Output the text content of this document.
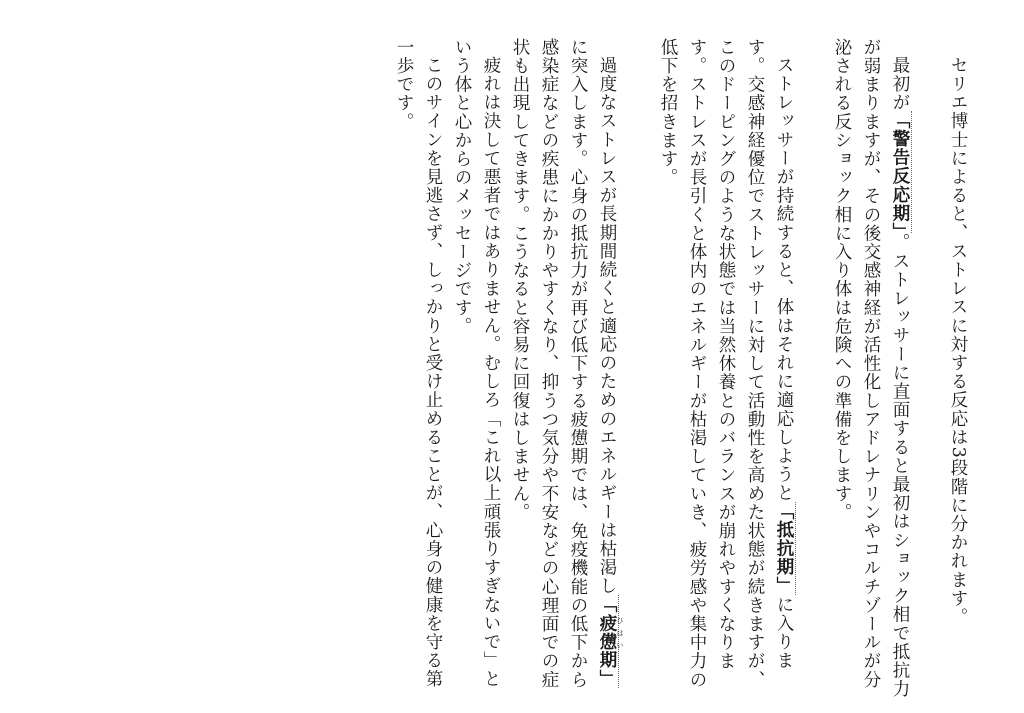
セリエ博士によると、ストレスに対する反応は3段階に分かれます。

最初が「警告反応期」。ストレッサーに直面すると最初はショック相で抵抗力が弱まりますが、その後交感神経が活性化しアドレナリンやコルチゾールが分泌される反ショック相に入り体は危険への準備をします。

ストレッサーが持続すると、体はそれに適応しようと「抵抗期」に入ります。交感神経優位でストレッサーに対して活動性を高めた状態が続きますが、このドーピングのような状態では当然休養とのバランスが崩れやすくなります。ストレスが長引くと体内のエネルギーが枯渇していき、疲労感や集中力の低下を招きます。

過度なストレスが長期間続くと適応のためのエネルギーは枯渇し「疲憊 ひはい期」に突入します。心身の抵抗力が再び低下する疲憊期では、免疫機能の低下から感染症などの疾患にかかりやすくなり、抑うつ気分や不安などの心理面での症状も出現してきます。こうなると容易に回復はしません。

疲れは決して悪者ではありません。むしろ「これ以上頑張りすぎないで」という体と心からのメッセージです。

このサインを見逃さず、しっかりと受け止めることが、心身の健康を守る第一歩です。
